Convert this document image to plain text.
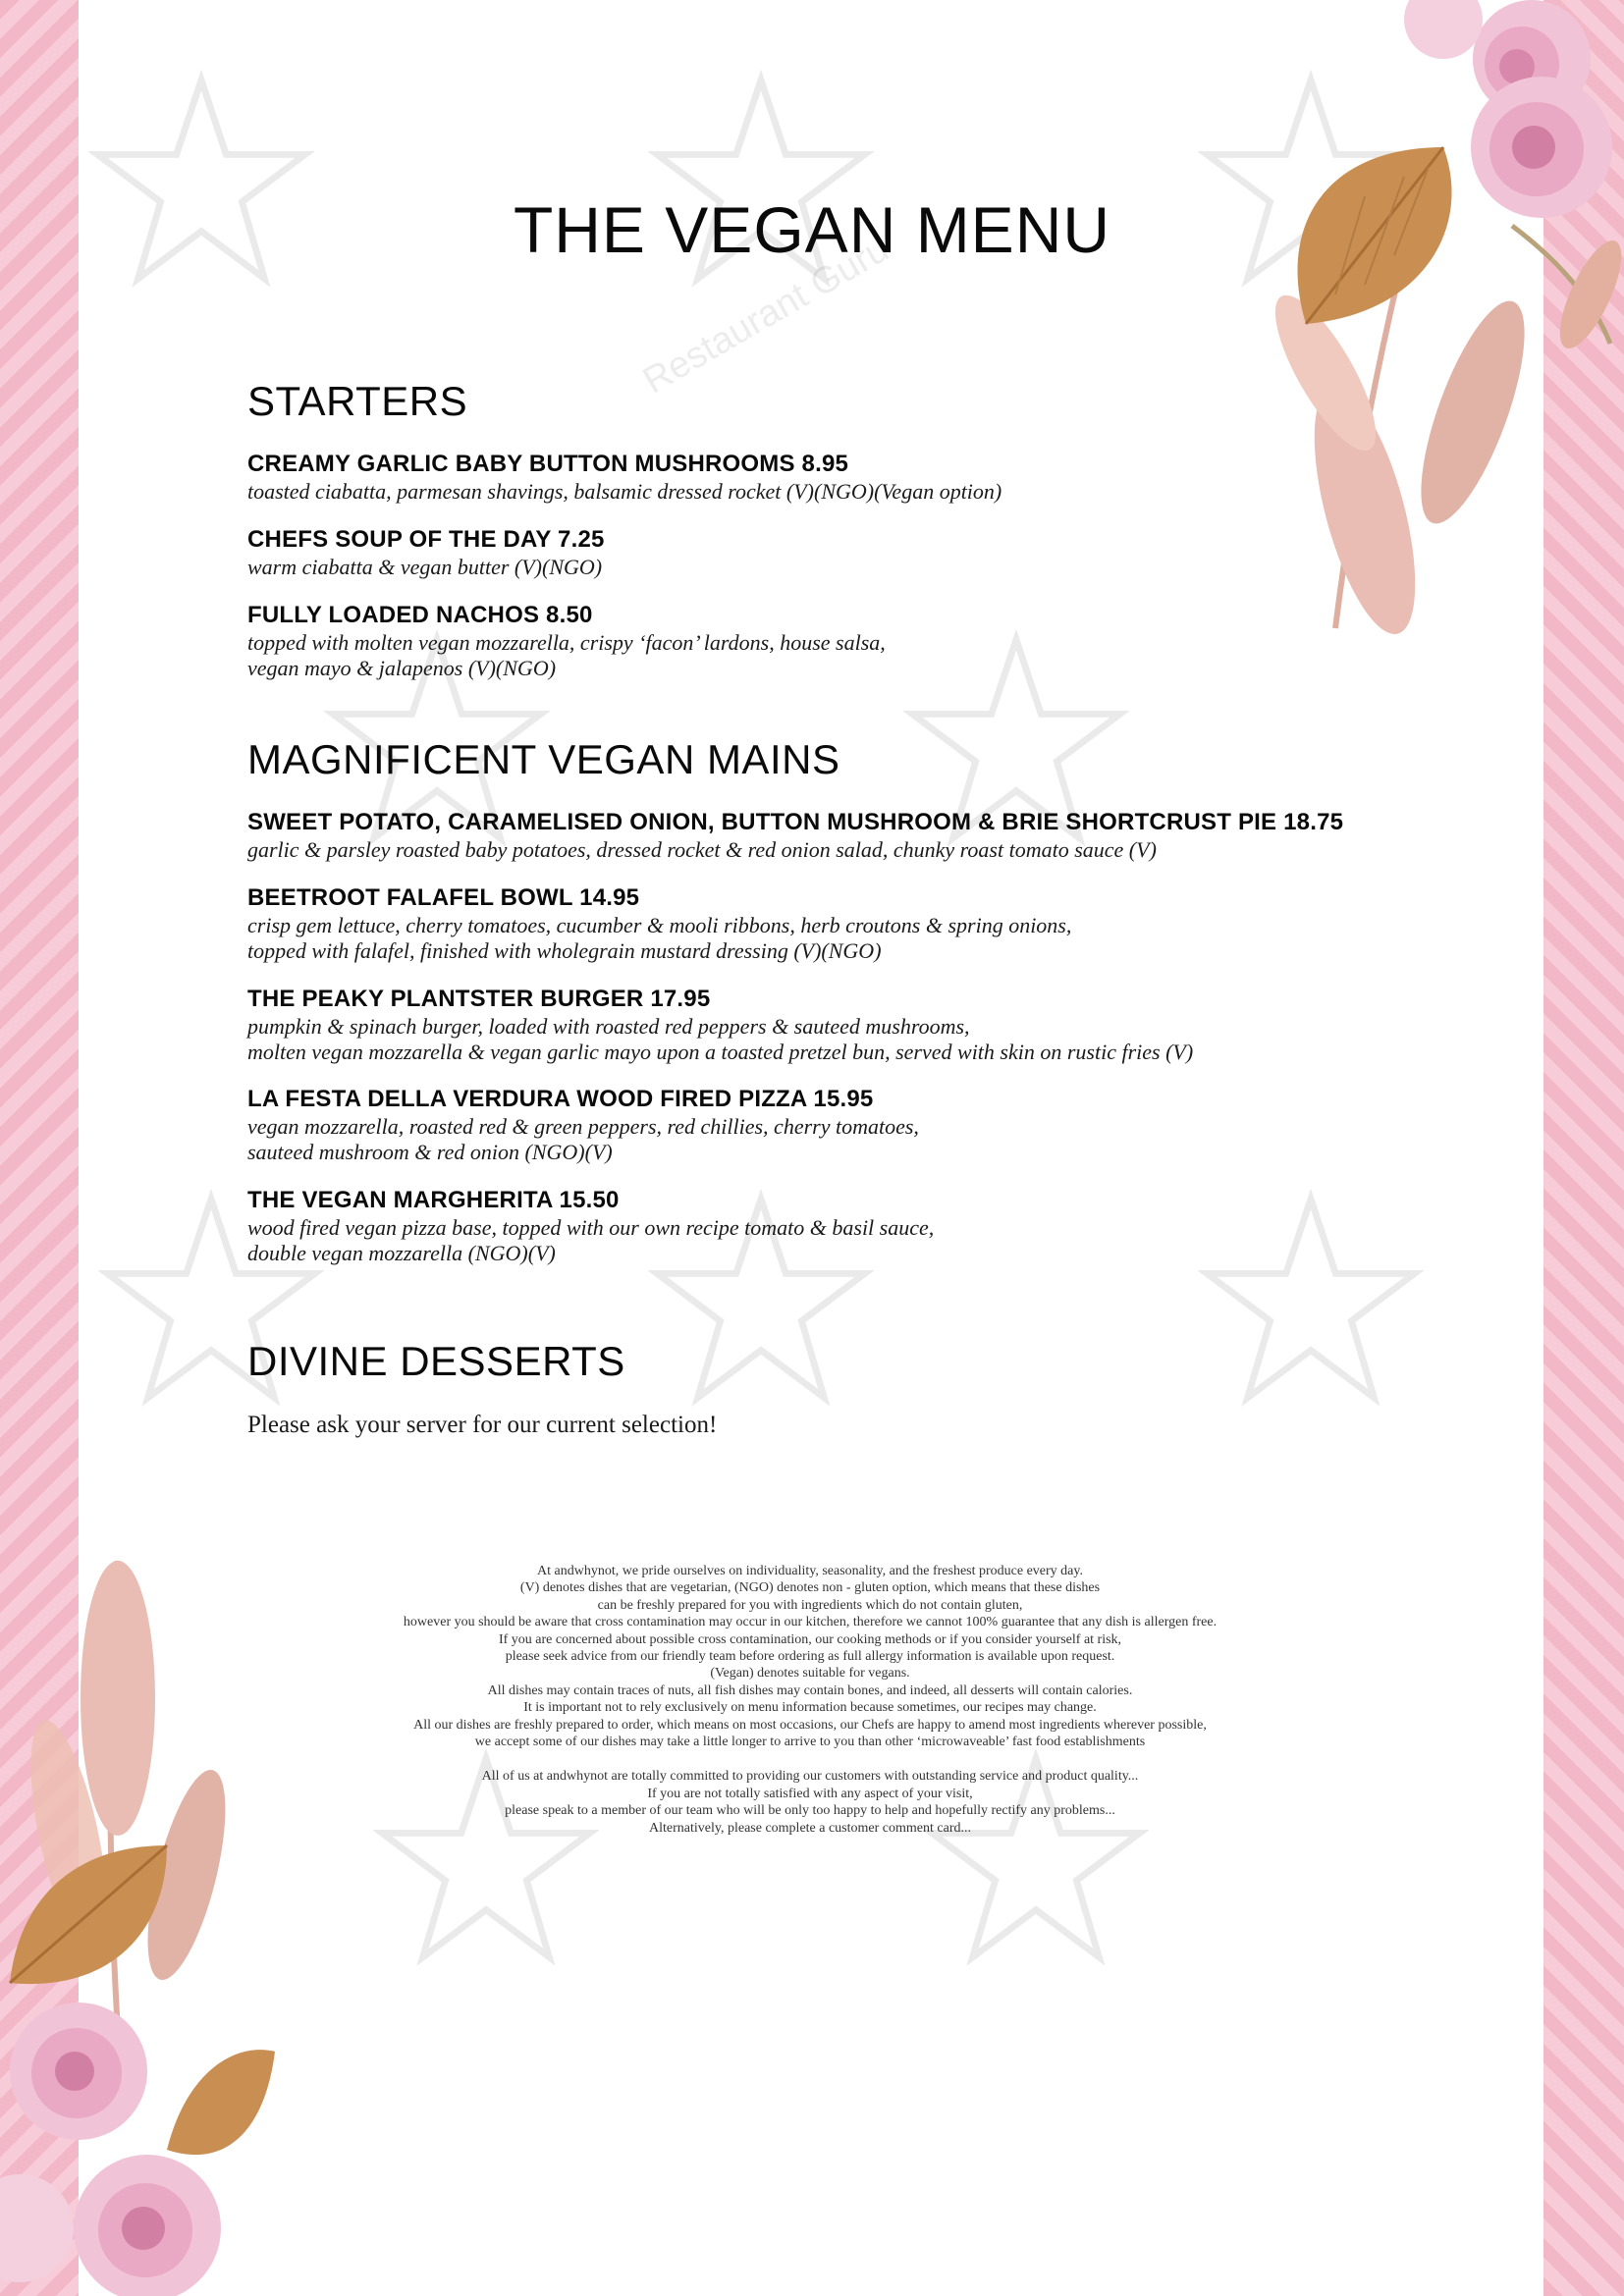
THE VEGAN MENU
STARTERS
CREAMY GARLIC BABY BUTTON MUSHROOMS 8.95
toasted ciabatta, parmesan shavings, balsamic dressed rocket (V)(NGO)(Vegan option)
CHEFS SOUP OF THE DAY 7.25
warm ciabatta & vegan butter (V)(NGO)
FULLY LOADED NACHOS 8.50
topped with molten vegan mozzarella, crispy ‘facon’ lardons, house salsa,
vegan mayo & jalapenos (V)(NGO)
MAGNIFICENT VEGAN MAINS
SWEET POTATO, CARAMELISED ONION, BUTTON MUSHROOM & BRIE SHORTCRUST PIE 18.75
garlic & parsley roasted baby potatoes, dressed rocket & red onion salad, chunky roast tomato sauce (V)
BEETROOT FALAFEL BOWL 14.95
crisp gem lettuce, cherry tomatoes, cucumber & mooli ribbons, herb croutons & spring onions,
topped with falafel, finished with wholegrain mustard dressing (V)(NGO)
THE PEAKY PLANTSTER BURGER 17.95
pumpkin & spinach burger, loaded with roasted red peppers & sauteed mushrooms,
molten vegan mozzarella & vegan garlic mayo upon a toasted pretzel bun, served with skin on rustic fries (V)
LA FESTA DELLA VERDURA WOOD FIRED PIZZA 15.95
vegan mozzarella, roasted red & green peppers, red chillies, cherry tomatoes,
sauteed mushroom & red onion (NGO)(V)
THE VEGAN MARGHERITA 15.50
wood fired vegan pizza base, topped with our own recipe tomato & basil sauce,
double vegan mozzarella (NGO)(V)
DIVINE DESSERTS
Please ask your server for our current selection!

At andwhynot, we pride ourselves on individuality, seasonality, and the freshest produce every day.

(V) denotes dishes that are vegetarian, (NGO) denotes non - gluten option, which means that these dishes

can be freshly prepared for you with ingredients which do not contain gluten,

however you should be aware that cross contamination may occur in our kitchen, therefore we cannot 100% guarantee that any dish is allergen free.

If you are concerned about possible cross contamination, our cooking methods or if you consider yourself at risk,

please seek advice from our friendly team before ordering as full allergy information is available upon request.

(Vegan) denotes suitable for vegans.

All dishes may contain traces of nuts, all fish dishes may contain bones, and indeed, all desserts will contain calories.

It is important not to rely exclusively on menu information because sometimes, our recipes may change.

All our dishes are freshly prepared to order, which means on most occasions, our Chefs are happy to amend most ingredients wherever possible,

we accept some of our dishes may take a little longer to arrive to you than other ‘microwaveable’ fast food establishments

All of us at andwhynot are totally committed to providing our customers with outstanding service and product quality...

If you are not totally satisfied with any aspect of your visit,

please speak to a member of our team who will be only too happy to help and hopefully rectify any problems...

Alternatively, please complete a customer comment card...

Restaurant Guru
